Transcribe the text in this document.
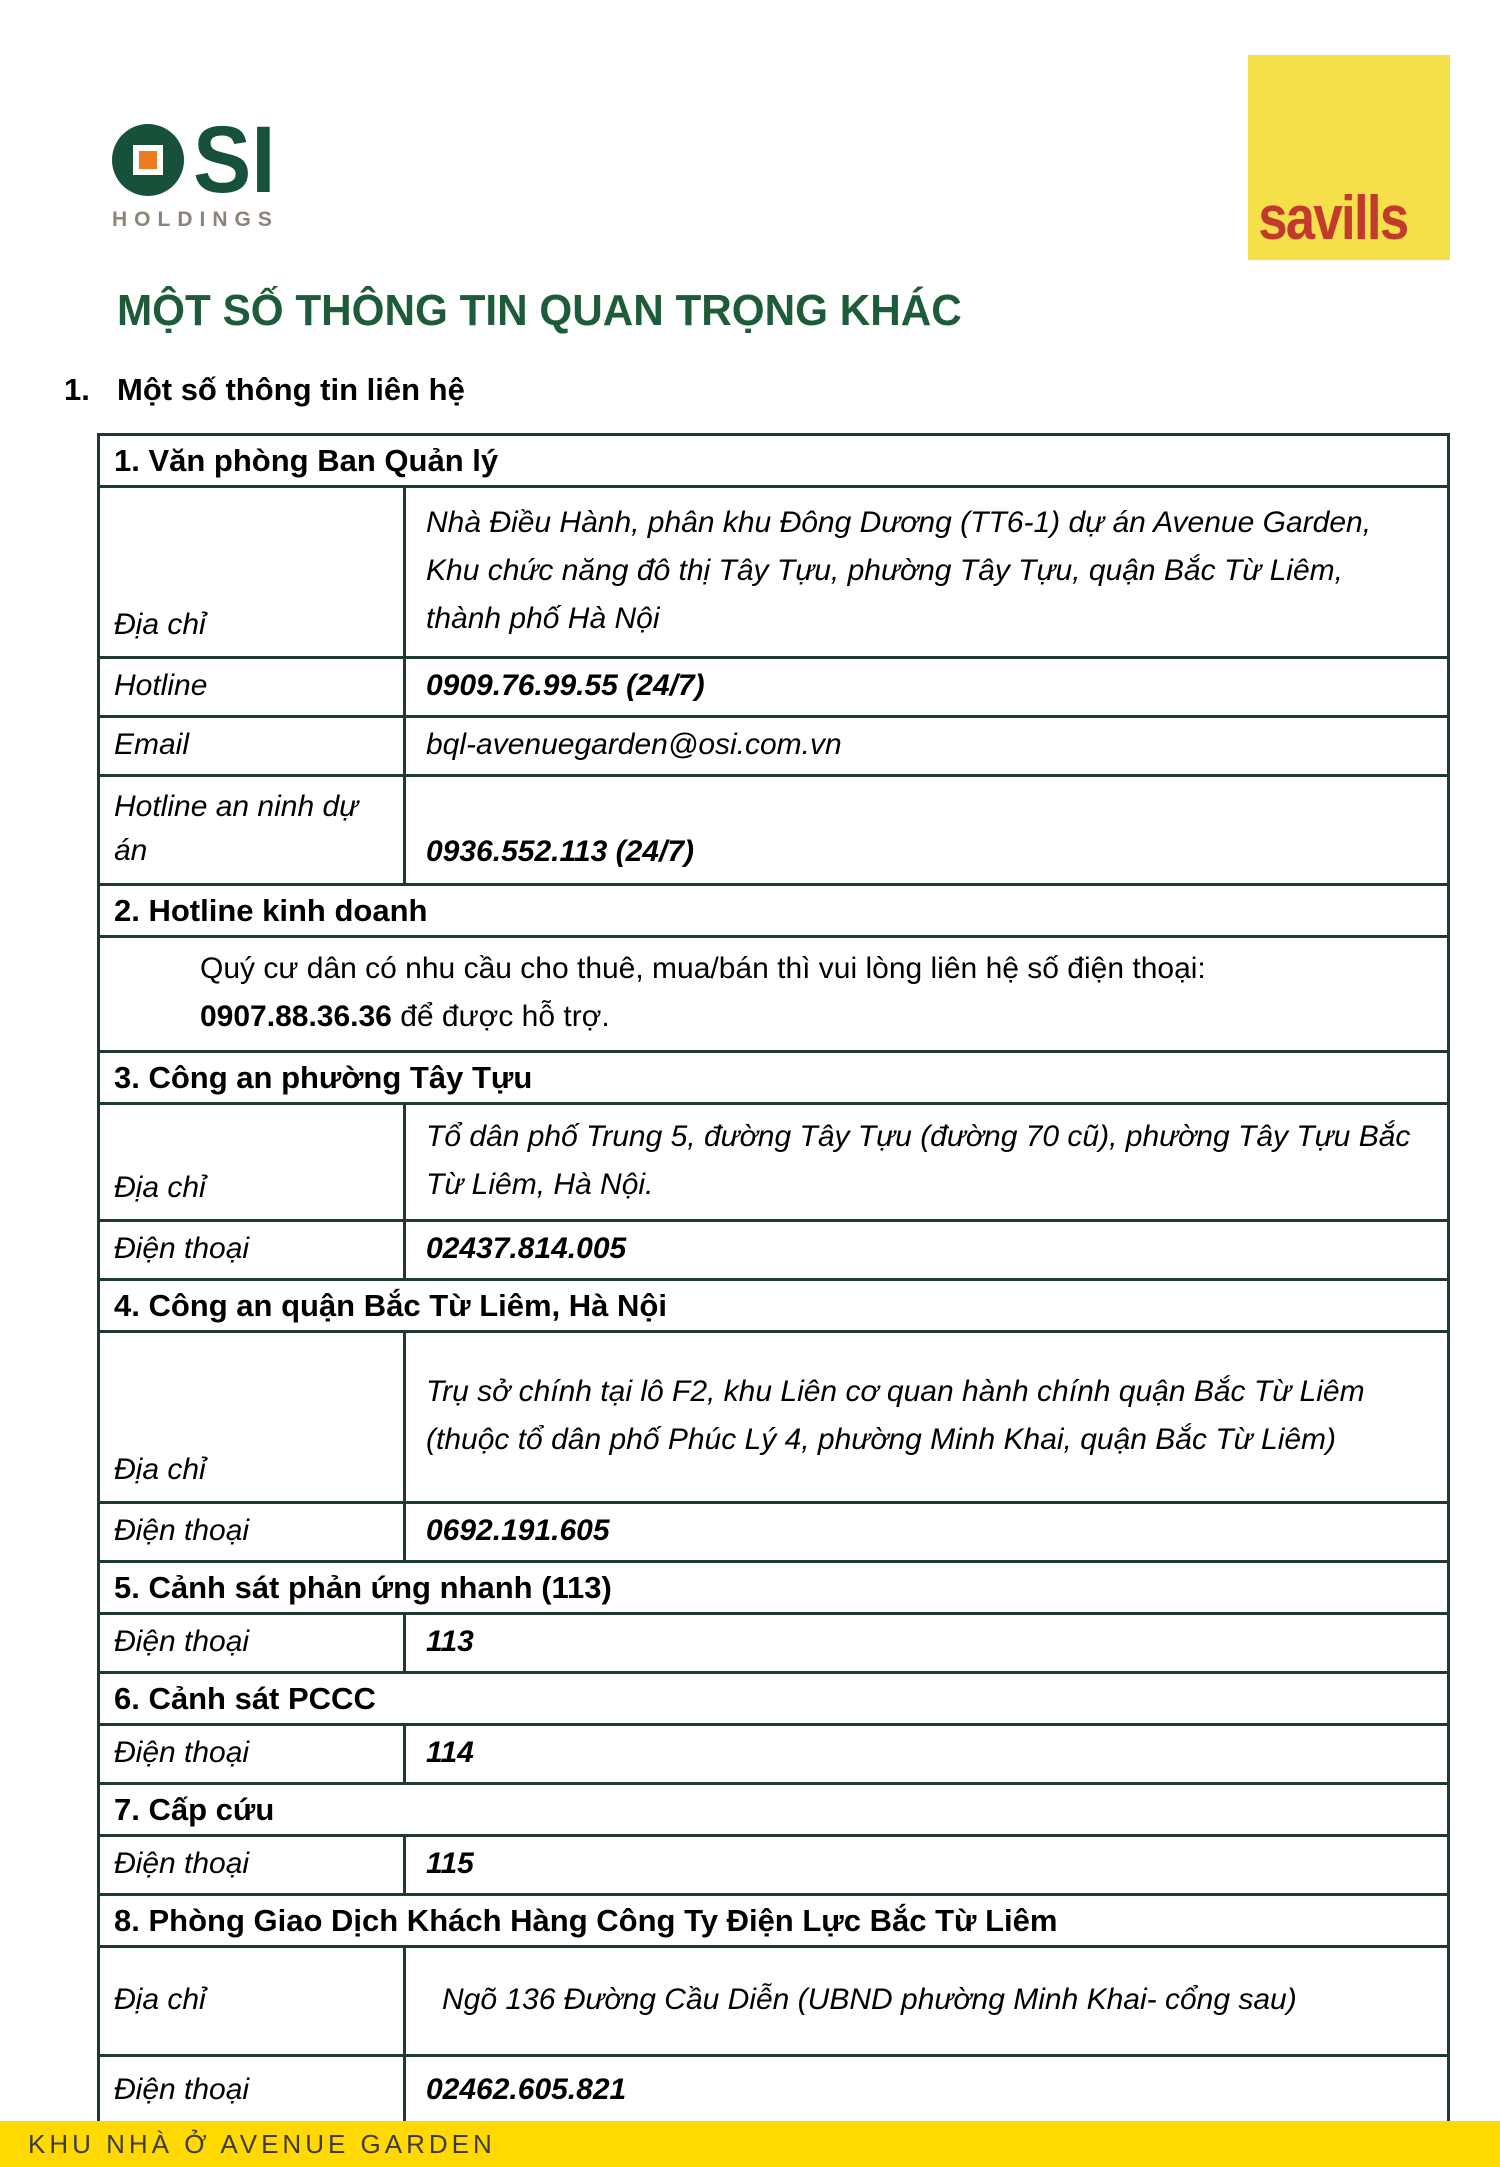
SI
HOLDINGS	savills
MỘT SỐ THÔNG TIN QUAN TRỌNG KHÁC
1. Một số thông tin liên hệ
1. Văn phòng Ban Quản lý	
Địa chỉ	Nhà Điều Hành, phân khu Đông Dương (TT6-1) dự án Avenue Garden, Khu chức năng đô thị Tây Tựu, phường Tây Tựu, quận Bắc Từ Liêm, thành phố Hà Nội
Hotline	0909.76.99.55 (24/7)
Email	bql-avenuegarden@osi.com.vn
Hotline an ninh dự án	0936.552.113 (24/7)
2. Hotline kinh doanh	
Quý cư dân có nhu cầu cho thuê, mua/bán thì vui lòng liên hệ số điện thoại: 0907.88.36.36 để được hỗ trợ.	
3. Công an phường Tây Tựu	
Địa chỉ	Tổ dân phố Trung 5, đường Tây Tựu (đường 70 cũ), phường Tây Tựu Bắc Từ Liêm, Hà Nội.
Điện thoại	02437.814.005
4. Công an quận Bắc Từ Liêm, Hà Nội	
Địa chỉ	Trụ sở chính tại lô F2, khu Liên cơ quan hành chính quận Bắc Từ Liêm (thuộc tổ dân phố Phúc Lý 4, phường Minh Khai, quận Bắc Từ Liêm)
Điện thoại	0692.191.605
5. Cảnh sát phản ứng nhanh (113)	
Điện thoại	113
6. Cảnh sát PCCC	
Điện thoại	114
7. Cấp cứu	
Điện thoại	115
8. Phòng Giao Dịch Khách Hàng Công Ty Điện Lực Bắc Từ Liêm	
Địa chỉ	Ngõ 136 Đường Cầu Diễn (UBND phường Minh Khai- cổng sau)
Điện thoại	02462.605.821
KHU NHÀ Ở AVENUE GARDEN
